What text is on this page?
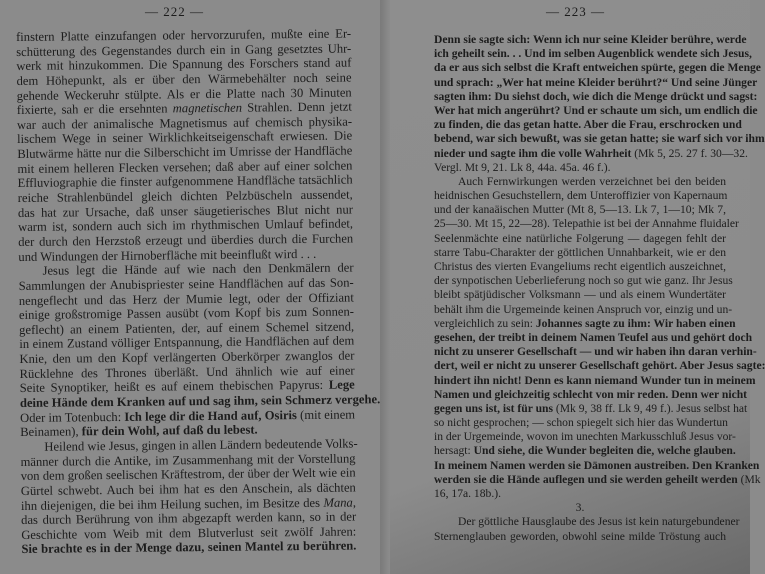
— 222 —
finstern Platte einzufangen oder hervorzurufen, mußte eine Er-
schütterung des Gegenstandes durch ein in Gang gesetztes Uhr-
werk mit hinzukommen. Die Spannung des Forschers stand auf
dem Höhepunkt, als er über den Wärmebehälter noch seine
gehende Weckeruhr stülpte. Als er die Platte nach 30 Minuten
fixierte, sah er die ersehnten magnetischen Strahlen. Denn jetzt
war auch der animalische Magnetismus auf chemisch physika-
lischem Wege in seiner Wirklichkeitseigenschaft erwiesen. Die
Blutwärme hätte nur die Silberschicht im Umrisse der Handfläche
mit einem helleren Flecken versehen; daß aber auf einer solchen
Effluviographie die finster aufgenommene Handfläche tatsächlich
reiche Strahlenbündel gleich dichten Pelzbüscheln aussendet,
das hat zur Ursache, daß unser säugetierisches Blut nicht nur
warm ist, sondern auch sich im rhythmischen Umlauf befindet,
der durch den Herzstoß erzeugt und überdies durch die Furchen
und Windungen der Hirnoberfläche mit beeinflußt wird . . .
Jesus legt die Hände auf wie nach den Denkmälern der
Sammlungen der Anubispriester seine Handflächen auf das Son-
nengeflecht und das Herz der Mumie legt, oder der Offiziant
einige großstromige Passen ausübt (vom Kopf bis zum Sonnen-
geflecht) an einem Patienten, der, auf einem Schemel sitzend,
in einem Zustand völliger Entspannung, die Handflächen auf dem
Knie, den um den Kopf verlängerten Oberkörper zwanglos der
Rücklehne des Thrones überläßt. Und ähnlich wie auf einer
Seite Synoptiker, heißt es auf einem thebischen Papyrus: Lege
deine Hände dem Kranken auf und sag ihm, sein Schmerz vergehe.
Oder im Totenbuch: Ich lege dir die Hand auf, Osiris (mit einem
Beinamen), für dein Wohl, auf daß du lebest.
Heilend wie Jesus, gingen in allen Ländern bedeutende Volks-
männer durch die Antike, im Zusammenhang mit der Vorstellung
von dem großen seelischen Kräftestrom, der über der Welt wie ein
Gürtel schwebt. Auch bei ihm hat es den Anschein, als dächten
ihn diejenigen, die bei ihm Heilung suchen, im Besitze des Mana,
das durch Berührung von ihm abgezapft werden kann, so in der
Geschichte vom Weib mit dem Blutverlust seit zwölf Jahren:
Sie brachte es in der Menge dazu, seinen Mantel zu berühren.
— 223 —
Denn sie sagte sich: Wenn ich nur seine Kleider berühre, werde
ich geheilt sein. . . Und im selben Augenblick wendete sich Jesus,
da er aus sich selbst die Kraft entweichen spürte, gegen die Menge
und sprach: „Wer hat meine Kleider berührt?“ Und seine Jünger
sagten ihm: Du siehst doch, wie dich die Menge drückt und sagst:
Wer hat mich angerührt? Und er schaute um sich, um endlich die
zu finden, die das getan hatte. Aber die Frau, erschrocken und
bebend, war sich bewußt, was sie getan hatte; sie warf sich vor ihm
nieder und sagte ihm die volle Wahrheit (Mk 5, 25. 27 f. 30—32.
Vergl. Mt 9, 21. Lk 8, 44a. 45a. 46 f.).
Auch Fernwirkungen werden verzeichnet bei den beiden
heidnischen Gesuchstellern, dem Unteroffizier von Kapernaum
und der kanaäischen Mutter (Mt 8, 5—13. Lk 7, 1—10; Mk 7,
25—30. Mt 15, 22—28). Telepathie ist bei der Annahme fluidaler
Seelenmächte eine natürliche Folgerung — dagegen fehlt der
starre Tabu-Charakter der göttlichen Unnahbarkeit, wie er den
Christus des vierten Evangeliums recht eigentlich auszeichnet,
der synpotischen Ueberlieferung noch so gut wie ganz. Ihr Jesus
bleibt spätjüdischer Volksmann — und als einem Wundertäter
behält ihm die Urgemeinde keinen Anspruch vor, einzig und un-
vergleichlich zu sein: Johannes sagte zu ihm: Wir haben einen
gesehen, der treibt in deinem Namen Teufel aus und gehört doch
nicht zu unserer Gesellschaft — und wir haben ihn daran verhin-
dert, weil er nicht zu unserer Gesellschaft gehört. Aber Jesus sagte:
hindert ihn nicht! Denn es kann niemand Wunder tun in meinem
Namen und gleichzeitig schlecht von mir reden. Denn wer nicht
gegen uns ist, ist für uns (Mk 9, 38 ff. Lk 9, 49 f.). Jesus selbst hat
so nicht gesprochen; — schon spiegelt sich hier das Wundertun
in der Urgemeinde, wovon im unechten Markusschluß Jesus vor-
hersagt: Und siehe, die Wunder begleiten die, welche glauben.
In meinem Namen werden sie Dämonen austreiben. Den Kranken
werden sie die Hände auflegen und sie werden geheilt werden (Mk
16, 17a. 18b.).
3.
Der göttliche Hausglaube des Jesus ist kein naturgebundener
Sternenglauben geworden, obwohl seine milde Tröstung auch
